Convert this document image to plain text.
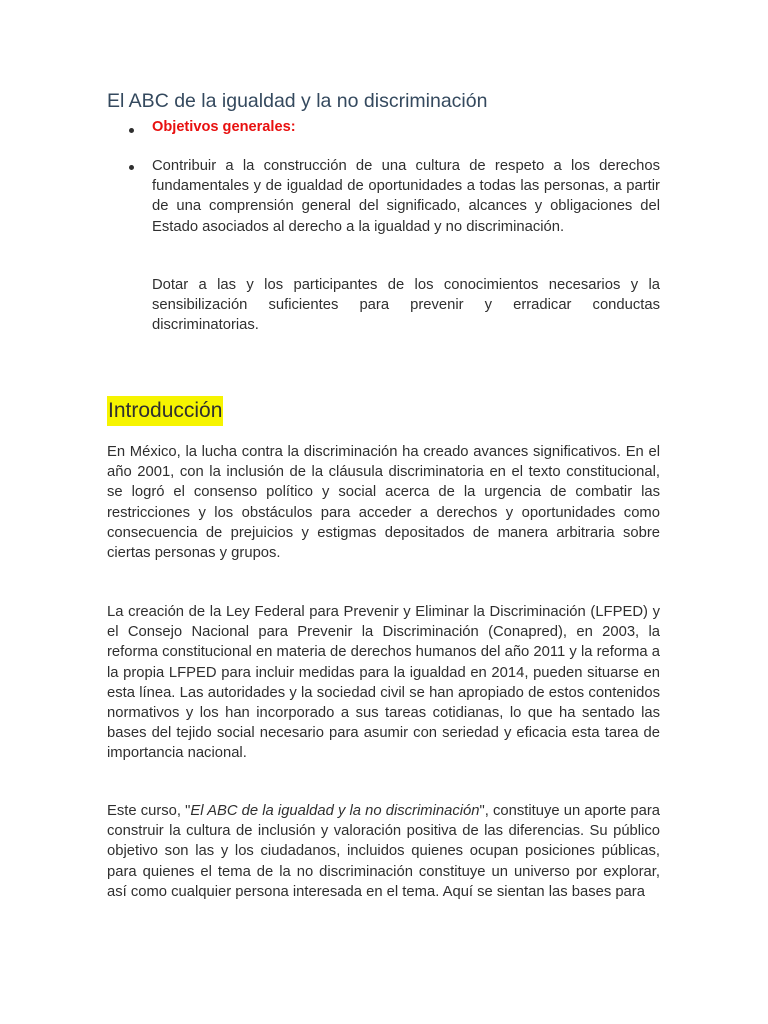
El ABC de la igualdad y la no discriminación
Objetivos generales:

Contribuir a la construcción de una cultura de respeto a los derechos fundamentales y de igualdad de oportunidades a todas las personas, a partir de una comprensión general del significado, alcances y obligaciones del Estado asociados al derecho a la igualdad y no discriminación.

Dotar a las y los participantes de los conocimientos necesarios y la sensibilización suficientes para prevenir y erradicar conductas discriminatorias.

Introducción

En México, la lucha contra la discriminación ha creado avances significativos. En el año 2001, con la inclusión de la cláusula discriminatoria en el texto constitucional, se logró el consenso político y social acerca de la urgencia de combatir las restricciones y los obstáculos para acceder a derechos y oportunidades como consecuencia de prejuicios y estigmas depositados de manera arbitraria sobre ciertas personas y grupos.

La creación de la Ley Federal para Prevenir y Eliminar la Discriminación (LFPED) y el Consejo Nacional para Prevenir la Discriminación (Conapred), en 2003, la reforma constitucional en materia de derechos humanos del año 2011 y la reforma a la propia LFPED para incluir medidas para la igualdad en 2014, pueden situarse en esta línea. Las autoridades y la sociedad civil se han apropiado de estos contenidos normativos y los han incorporado a sus tareas cotidianas, lo que ha sentado las bases del tejido social necesario para asumir con seriedad y eficacia esta tarea de importancia nacional.

Este curso, "El ABC de la igualdad y la no discriminación", constituye un aporte para construir la cultura de inclusión y valoración positiva de las diferencias. Su público objetivo son las y los ciudadanos, incluidos quienes ocupan posiciones públicas, para quienes el tema de la no discriminación constituye un universo por explorar, así como cualquier persona interesada en el tema. Aquí se sientan las bases para
